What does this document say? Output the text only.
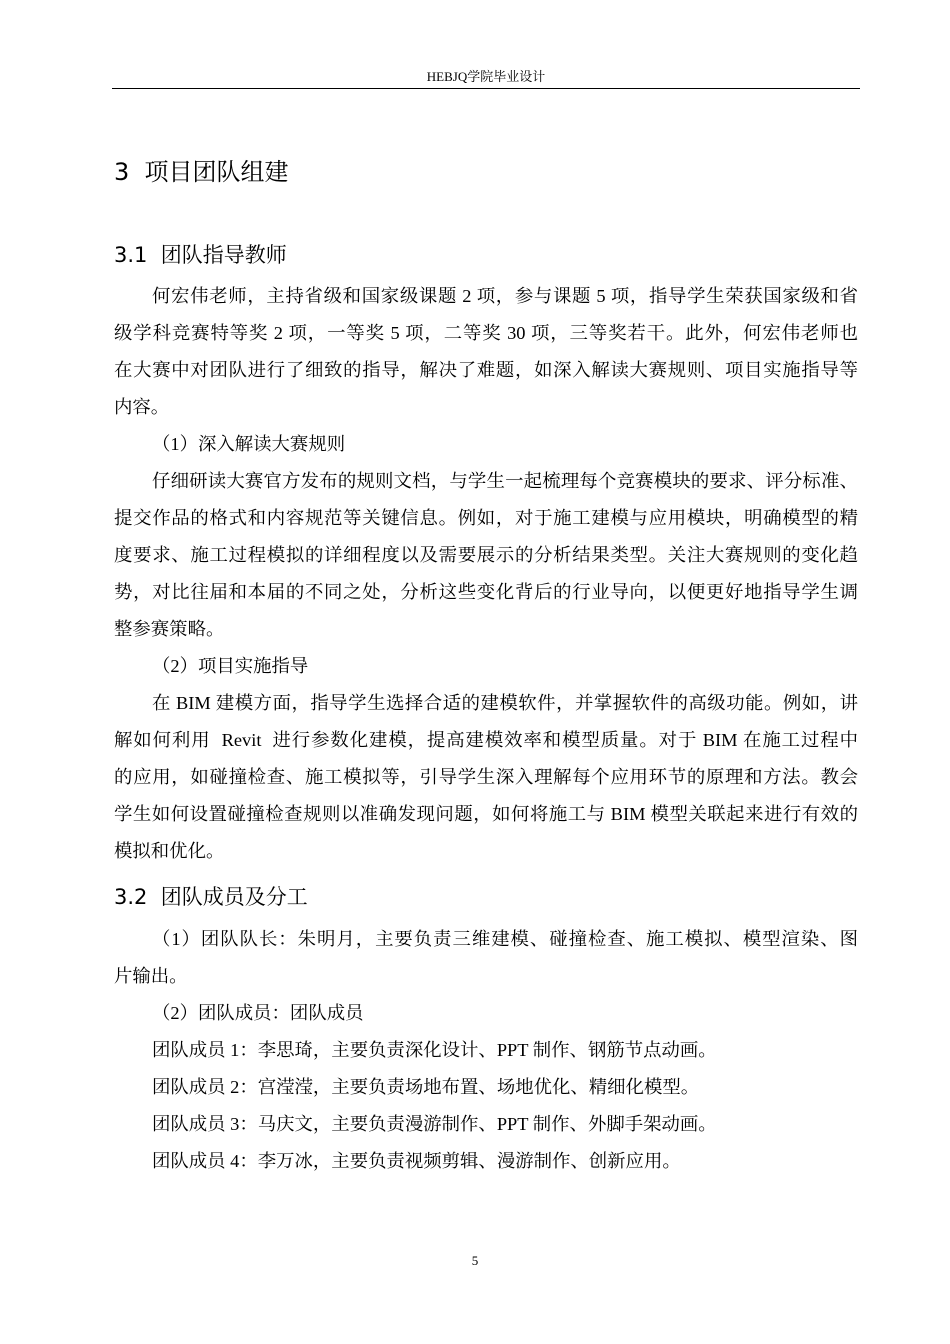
HEBJQ学院毕业设计
3  项目团队组建
3.1  团队指导教师
何宏伟老师，主持省级和国家级课题 2 项，参与课题 5 项，指导学生荣获国家级和省
级学科竞赛特等奖 2 项，一等奖 5 项，二等奖 30 项，三等奖若干。此外，何宏伟老师也
在大赛中对团队进行了细致的指导，解决了难题，如深入解读大赛规则、项目实施指导等
内容。
（1）深入解读大赛规则
仔细研读大赛官方发布的规则文档，与学生一起梳理每个竞赛模块的要求、评分标准、
提交作品的格式和内容规范等关键信息。例如，对于施工建模与应用模块，明确模型的精
度要求、施工过程模拟的详细程度以及需要展示的分析结果类型。关注大赛规则的变化趋
势，对比往届和本届的不同之处，分析这些变化背后的行业导向，以便更好地指导学生调
整参赛策略。
（2）项目实施指导
在 BIM 建模方面，指导学生选择合适的建模软件，并掌握软件的高级功能。例如，讲
解如何利用  Revit  进行参数化建模，提高建模效率和模型质量。对于 BIM 在施工过程中
的应用，如碰撞检查、施工模拟等，引导学生深入理解每个应用环节的原理和方法。教会
学生如何设置碰撞检查规则以准确发现问题，如何将施工与 BIM 模型关联起来进行有效的
模拟和优化。
3.2  团队成员及分工
（1）团队队长：朱明月，主要负责三维建模、碰撞检查、施工模拟、模型渲染、图
片输出。
（2）团队成员：团队成员
团队成员 1：李思琦，主要负责深化设计、PPT 制作、钢筋节点动画。
团队成员 2：宫滢滢，主要负责场地布置、场地优化、精细化模型。
团队成员 3：马庆文，主要负责漫游制作、PPT 制作、外脚手架动画。
团队成员 4：李万冰，主要负责视频剪辑、漫游制作、创新应用。
5
